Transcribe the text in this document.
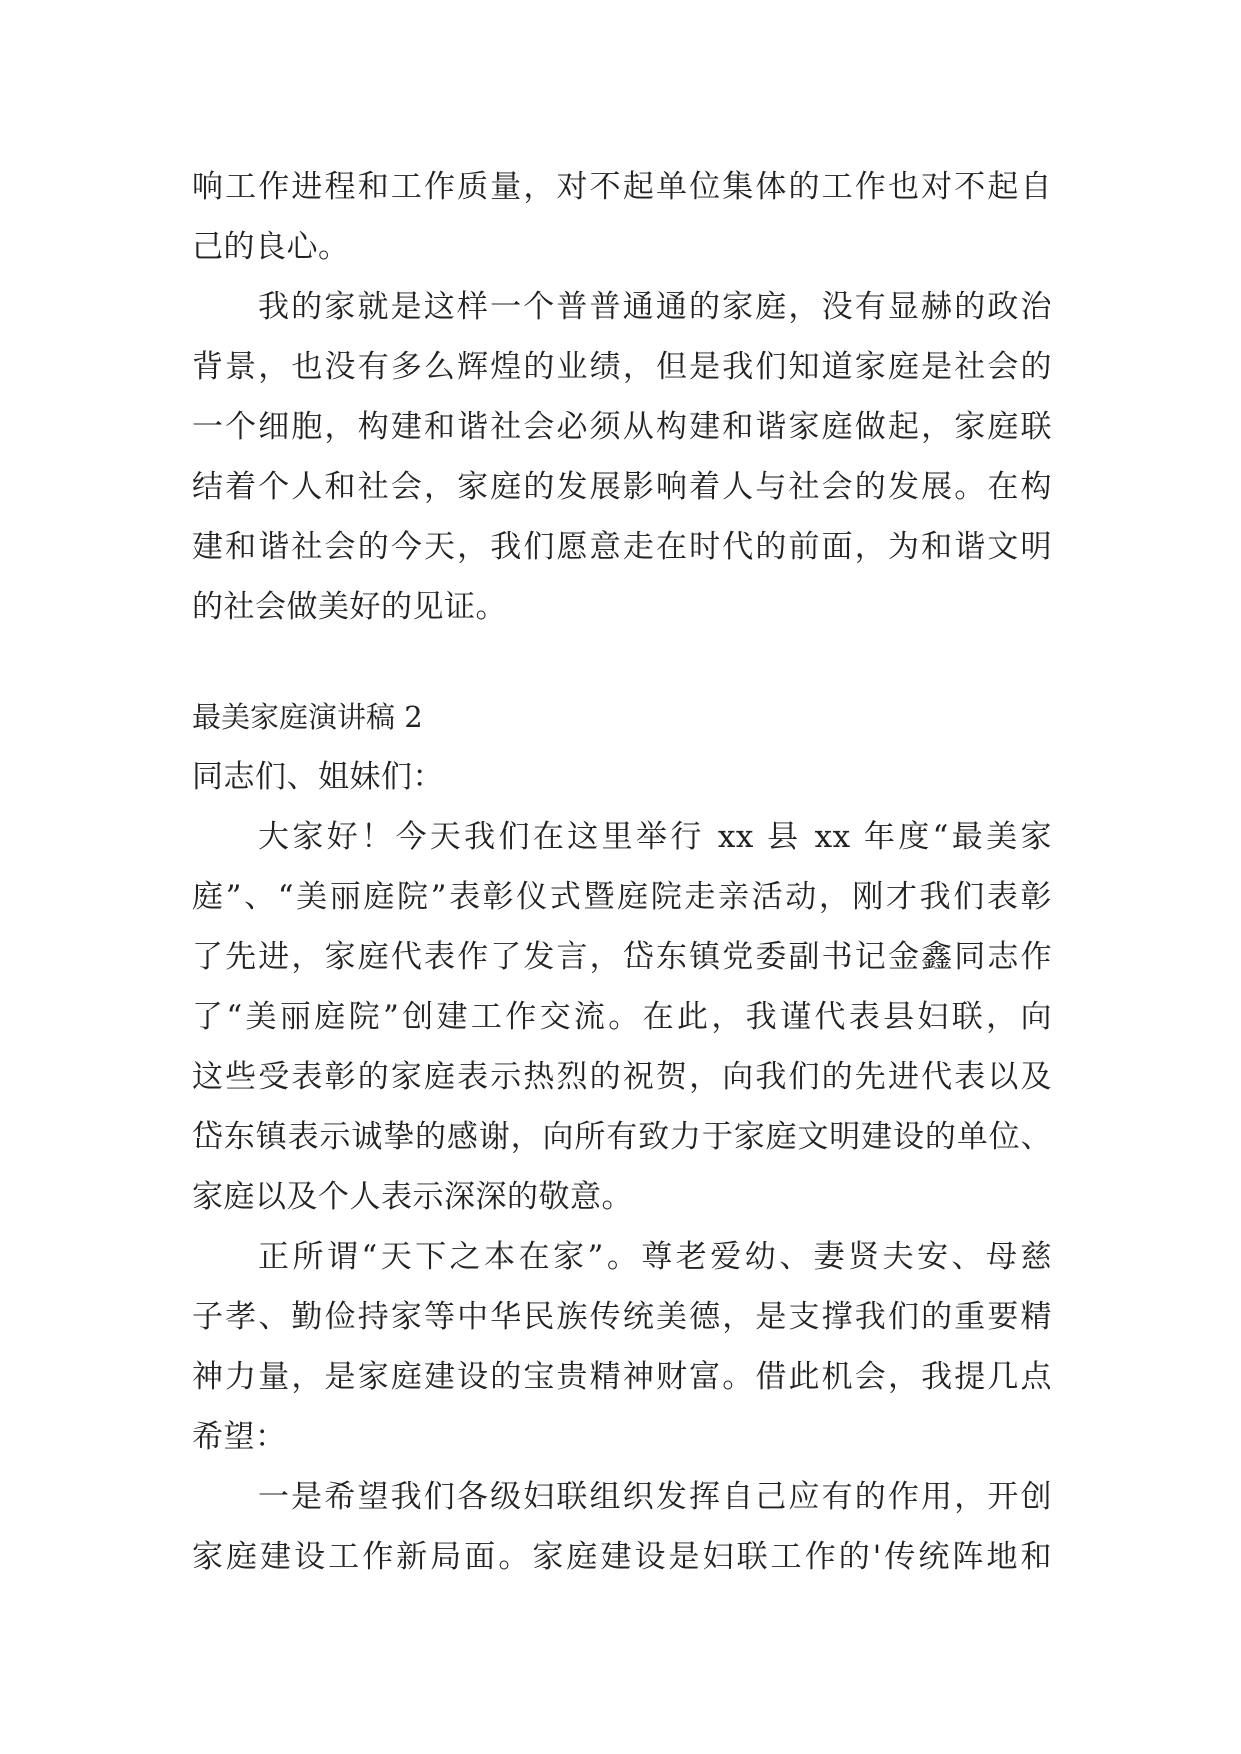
响工作进程和工作质量，对不起单位集体的工作也对不起自
己的良心。
我的家就是这样一个普普通通的家庭，没有显赫的政治
背景，也没有多么辉煌的业绩，但是我们知道家庭是社会的
一个细胞，构建和谐社会必须从构建和谐家庭做起，家庭联
结着个人和社会，家庭的发展影响着人与社会的发展。在构
建和谐社会的今天，我们愿意走在时代的前面，为和谐文明
的社会做美好的见证。
最美家庭演讲稿 2
同志们、姐妹们：
大家好！今天我们在这里举行 xx 县 xx 年度“最美家
庭”、“美丽庭院”表彰仪式暨庭院走亲活动，刚才我们表彰
了先进，家庭代表作了发言，岱东镇党委副书记金鑫同志作
了“美丽庭院”创建工作交流。在此，我谨代表县妇联，向
这些受表彰的家庭表示热烈的祝贺，向我们的先进代表以及
岱东镇表示诚挚的感谢，向所有致力于家庭文明建设的单位、
家庭以及个人表示深深的敬意。
正所谓“天下之本在家”。尊老爱幼、妻贤夫安、母慈
子孝、勤俭持家等中华民族传统美德，是支撑我们的重要精
神力量，是家庭建设的宝贵精神财富。借此机会，我提几点
希望：
一是希望我们各级妇联组织发挥自己应有的作用，开创
家庭建设工作新局面。家庭建设是妇联工作的'传统阵地和
